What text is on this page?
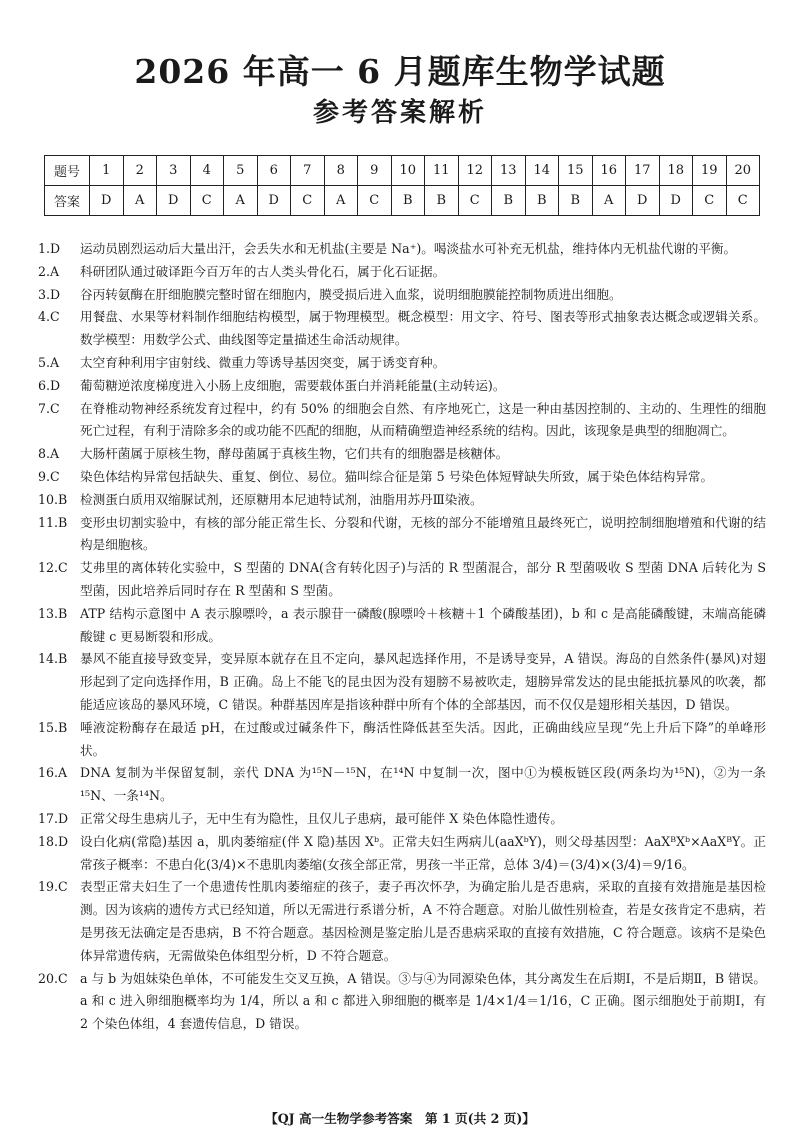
2026 年高一 6 月题库生物学试题
参考答案解析
题号	1	2	3	4	5	6	7	8	9	10	11	12	13	14	15	16	17	18	19	20
答案	D	A	D	C	A	D	C	A	C	B	B	C	B	B	B	A	D	D	C	C
1.D	运动员剧烈运动后大量出汗，会丢失水和无机盐(主要是 Na⁺)。喝淡盐水可补充无机盐，维持体内无机盐代谢的平衡。
2.A	科研团队通过破译距今百万年的古人类头骨化石，属于化石证据。
3.D	谷丙转氨酶在肝细胞膜完整时留在细胞内，膜受损后进入血浆，说明细胞膜能控制物质进出细胞。
4.C	用餐盘、水果等材料制作细胞结构模型，属于物理模型。概念模型：用文字、符号、图表等形式抽象表达概念或逻辑关系。数学模型：用数学公式、曲线图等定量描述生命活动规律。
5.A	太空育种利用宇宙射线、微重力等诱导基因突变，属于诱变育种。
6.D	葡萄糖逆浓度梯度进入小肠上皮细胞，需要载体蛋白并消耗能量(主动转运)。
7.C	在脊椎动物神经系统发育过程中，约有 50% 的细胞会自然、有序地死亡，这是一种由基因控制的、主动的、生理性的细胞死亡过程，有利于清除多余的或功能不匹配的细胞，从而精确塑造神经系统的结构。因此，该现象是典型的细胞凋亡。
8.A	大肠杆菌属于原核生物，酵母菌属于真核生物，它们共有的细胞器是核糖体。
9.C	染色体结构异常包括缺失、重复、倒位、易位。猫叫综合征是第 5 号染色体短臂缺失所致，属于染色体结构异常。
10.B	检测蛋白质用双缩脲试剂，还原糖用本尼迪特试剂，油脂用苏丹Ⅲ染液。
11.B	变形虫切割实验中，有核的部分能正常生长、分裂和代谢，无核的部分不能增殖且最终死亡，说明控制细胞增殖和代谢的结构是细胞核。
12.C 艾弗里的离体转化实验中，S 型菌的 DNA(含有转化因子)与活的 R 型菌混合，部分 R 型菌吸收 S 型菌 DNA 后转化为 S 型菌，因此培养后同时存在 R 型菌和 S 型菌。
13.B	ATP 结构示意图中 A 表示腺嘌呤，a 表示腺苷一磷酸(腺嘌呤＋核糖＋1 个磷酸基团)，b 和 c 是高能磷酸键，末端高能磷酸键 c 更易断裂和形成。
14.B	暴风不能直接导致变异，变异原本就存在且不定向，暴风起选择作用，不是诱导变异，A 错误。海岛的自然条件(暴风)对翅形起到了定向选择作用，B 正确。岛上不能飞的昆虫因为没有翅膀不易被吹走，翅膀异常发达的昆虫能抵抗暴风的吹袭，都能适应该岛的暴风环境，C 错误。种群基因库是指该种群中所有个体的全部基因，而不仅仅是翅形相关基因，D 错误。
15.B	唾液淀粉酶存在最适 pH，在过酸或过碱条件下，酶活性降低甚至失活。因此，正确曲线应呈现“先上升后下降”的单峰形状。
16.A	DNA 复制为半保留复制，亲代 DNA 为¹⁵N－¹⁵N，在¹⁴N 中复制一次，图中①为模板链区段(两条均为¹⁵N)，②为一条¹⁵N、一条¹⁴N。
17.D 正常父母生患病儿子，无中生有为隐性，且仅儿子患病，最可能伴 X 染色体隐性遗传。
18.D 设白化病(常隐)基因 a，肌肉萎缩症(伴 X 隐)基因 Xᵇ。正常夫妇生两病儿(aaXᵇY)，则父母基因型：AaXᴮXᵇ×AaXᴮY。正常孩子概率：不患白化(3/4)×不患肌肉萎缩(女孩全部正常，男孩一半正常，总体 3/4)＝(3/4)×(3/4)＝9/16。
19.C 表型正常夫妇生了一个患遗传性肌肉萎缩症的孩子，妻子再次怀孕，为确定胎儿是否患病，采取的直接有效措施是基因检测。因为该病的遗传方式已经知道，所以无需进行系谱分析，A 不符合题意。对胎儿做性别检查，若是女孩肯定不患病，若是男孩无法确定是否患病，B 不符合题意。基因检测是鉴定胎儿是否患病采取的直接有效措施，C 符合题意。该病不是染色体异常遗传病，无需做染色体组型分析，D 不符合题意。
20.C a 与 b 为姐妹染色单体，不可能发生交叉互换，A 错误。③与④为同源染色体，其分离发生在后期Ⅰ，不是后期Ⅱ，B 错误。a 和 c 进入卵细胞概率均为 1/4，所以 a 和 c 都进入卵细胞的概率是 1/4×1/4＝1/16，C 正确。图示细胞处于前期Ⅰ，有 2 个染色体组，4 套遗传信息，D 错误。
【QJ 高一生物学参考答案　第 1 页(共 2 页)】
